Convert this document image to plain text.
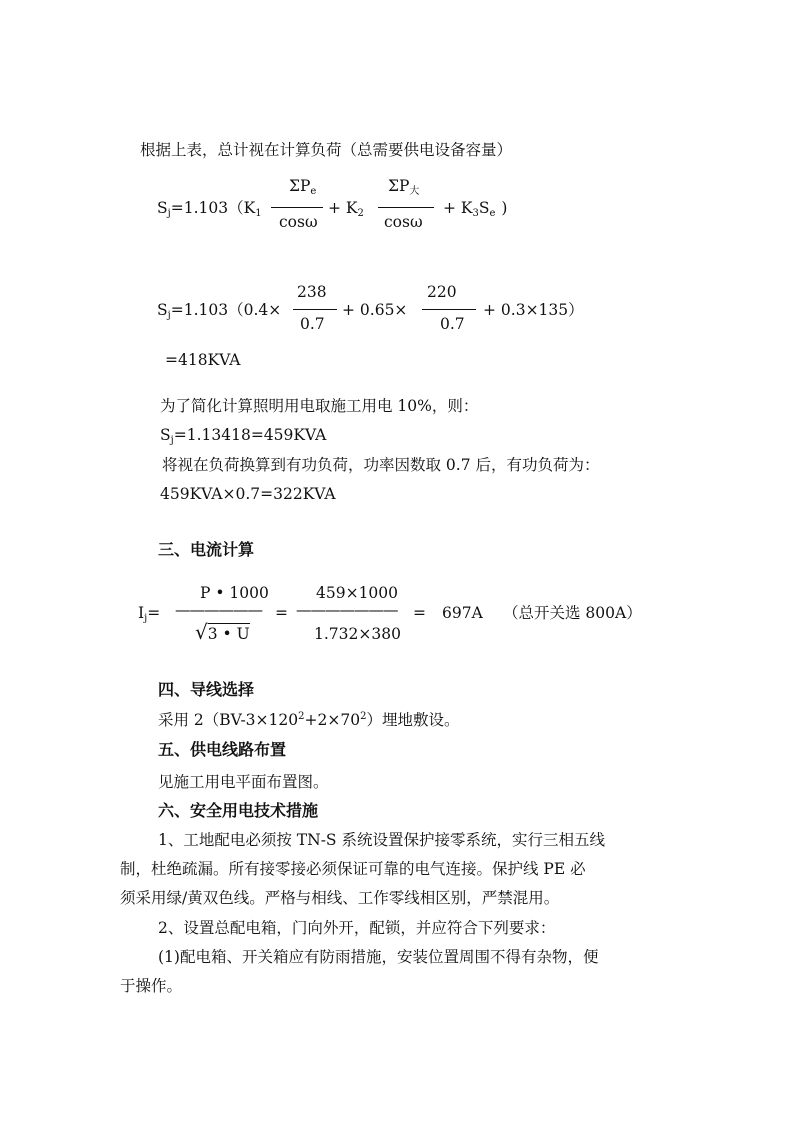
根据上表，总计视在计算负荷（总需要供电设备容量）
Sj=1.103（K1
ΣPe
cosω
+ K2
ΣP大
cosω
+ K3Se )
Sj=1.103（0.4×
238
0.7
+ 0.65×
220
0.7
+ 0.3×135）
=418KVA
为了简化计算照明用电取施工用电 10%，则：
Sj=1.13418=459KVA
将视在负荷换算到有功负荷，功率因数取 0.7 后，有功负荷为：
459KVA×0.7=322KVA
三、电流计算
Ij=
P • 1000
——————
√3 • U
=
459×1000
———————
1.732×380
= 697A （总开关选 800A）
四、导线选择
采用 $2(BV-3\times 120^2+2\times 70^2)$埋地敷设。
五、供电线路布置
见施工用电平面布置图。
六、安全用电技术措施
1、工地配电必须按 TN-S 系统设置保护接零系统，实行三相五线
制，杜绝疏漏。所有接零接必须保证可靠的电气连接。保护线 PE 必
须采用绿/黄双色线。严格与相线、工作零线相区别，严禁混用。
2、设置总配电箱，门向外开，配锁，并应符合下列要求：
(1)配电箱、开关箱应有防雨措施，安装位置周围不得有杂物，便
于操作。
